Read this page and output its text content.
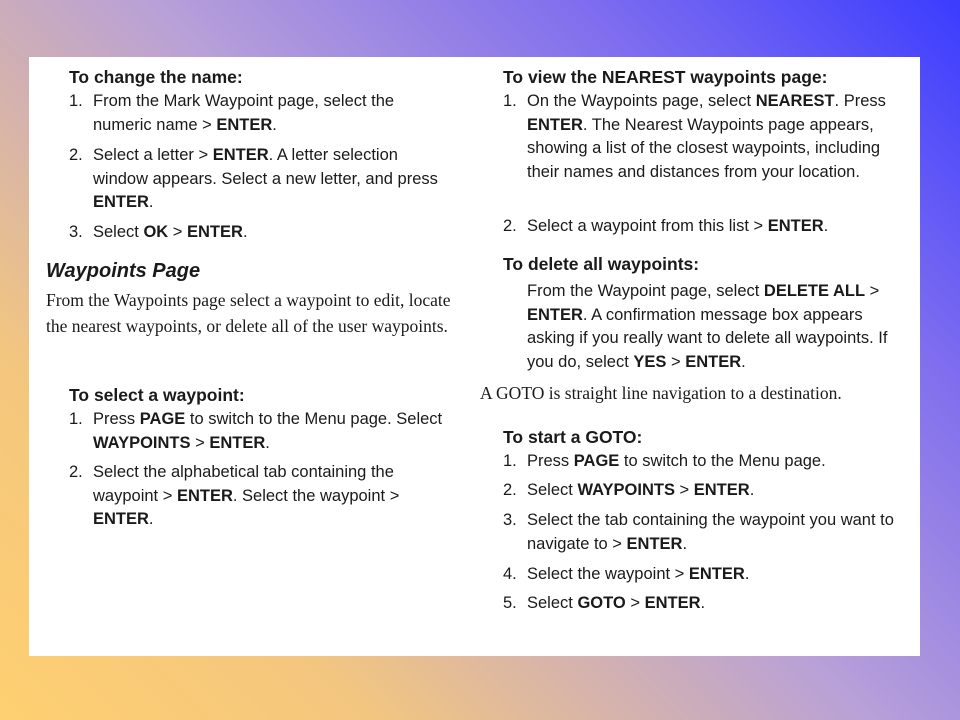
To change the name:
1. From the Mark Waypoint page, select the numeric name > ENTER.
2. Select a letter > ENTER. A letter selection window appears. Select a new letter, and press ENTER.
3. Select OK > ENTER.
Waypoints Page
From the Waypoints page select a waypoint to edit, locate the nearest waypoints, or delete all of the user waypoints.
To select a waypoint:
1. Press PAGE to switch to the Menu page. Select WAYPOINTS > ENTER.
2. Select the alphabetical tab containing the waypoint > ENTER. Select the waypoint > ENTER.
To view the NEAREST waypoints page:
1. On the Waypoints page, select NEAREST. Press ENTER. The Nearest Waypoints page appears, showing a list of the closest waypoints, including their names and distances from your location.
2. Select a waypoint from this list > ENTER.
To delete all waypoints:
From the Waypoint page, select DELETE ALL > ENTER. A confirmation message box appears asking if you really want to delete all waypoints. If you do, select YES > ENTER.
A GOTO is straight line navigation to a destination.
To start a GOTO:
1. Press PAGE to switch to the Menu page.
2. Select WAYPOINTS > ENTER.
3. Select the tab containing the waypoint you want to navigate to > ENTER.
4. Select the waypoint > ENTER.
5. Select GOTO > ENTER.
